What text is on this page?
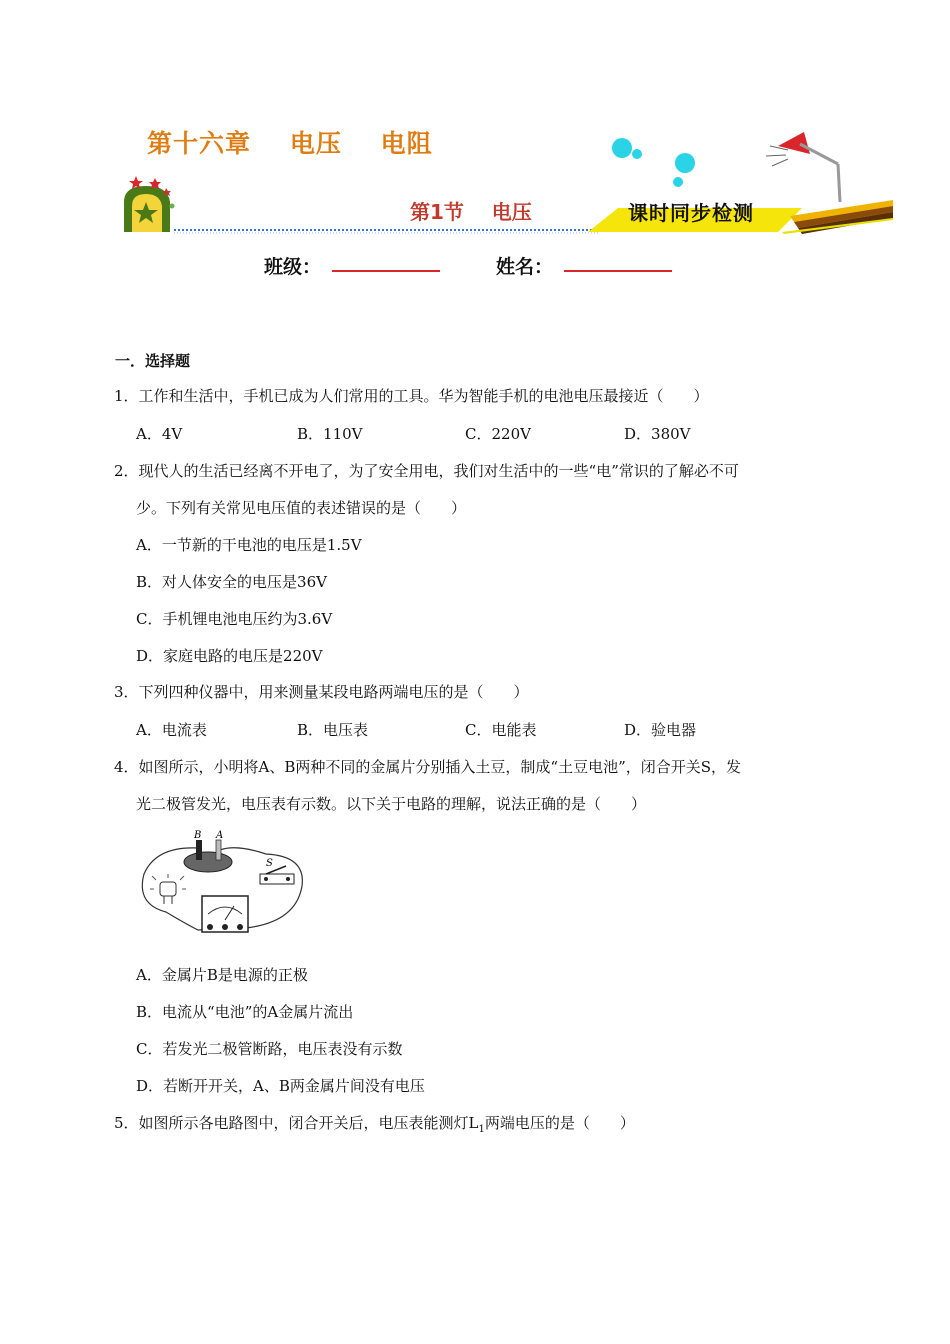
第十六章    电压    电阻
第1节    电压	课时同步检测
班级：	姓名：
一．选择题
1．工作和生活中，手机已成为人们常用的工具。华为智能手机的电池电压最接近（　　）
A．4V	B．110V	C．220V	D．380V
2．现代人的生活已经离不开电了，为了安全用电，我们对生活中的一些“电”常识的了解必不可
少。下列有关常见电压值的表述错误的是（　　）
A．一节新的干电池的电压是1.5V
B．对人体安全的电压是36V
C．手机锂电池电压约为3.6V
D．家庭电路的电压是220V
3．下列四种仪器中，用来测量某段电路两端电压的是（　　）
A．电流表	B．电压表	C．电能表	D．验电器
4．如图所示，小明将A、B两种不同的金属片分别插入土豆，制成“土豆电池”，闭合开关S，发
光二极管发光，电压表有示数。以下关于电路的理解，说法正确的是（　　）
B A
S
A．金属片B是电源的正极
B．电流从“电池”的A金属片流出
C．若发光二极管断路，电压表没有示数
D．若断开开关，A、B两金属片间没有电压
5．如图所示各电路图中，闭合开关后，电压表能测灯$L_1$两端电压的是（　　）
